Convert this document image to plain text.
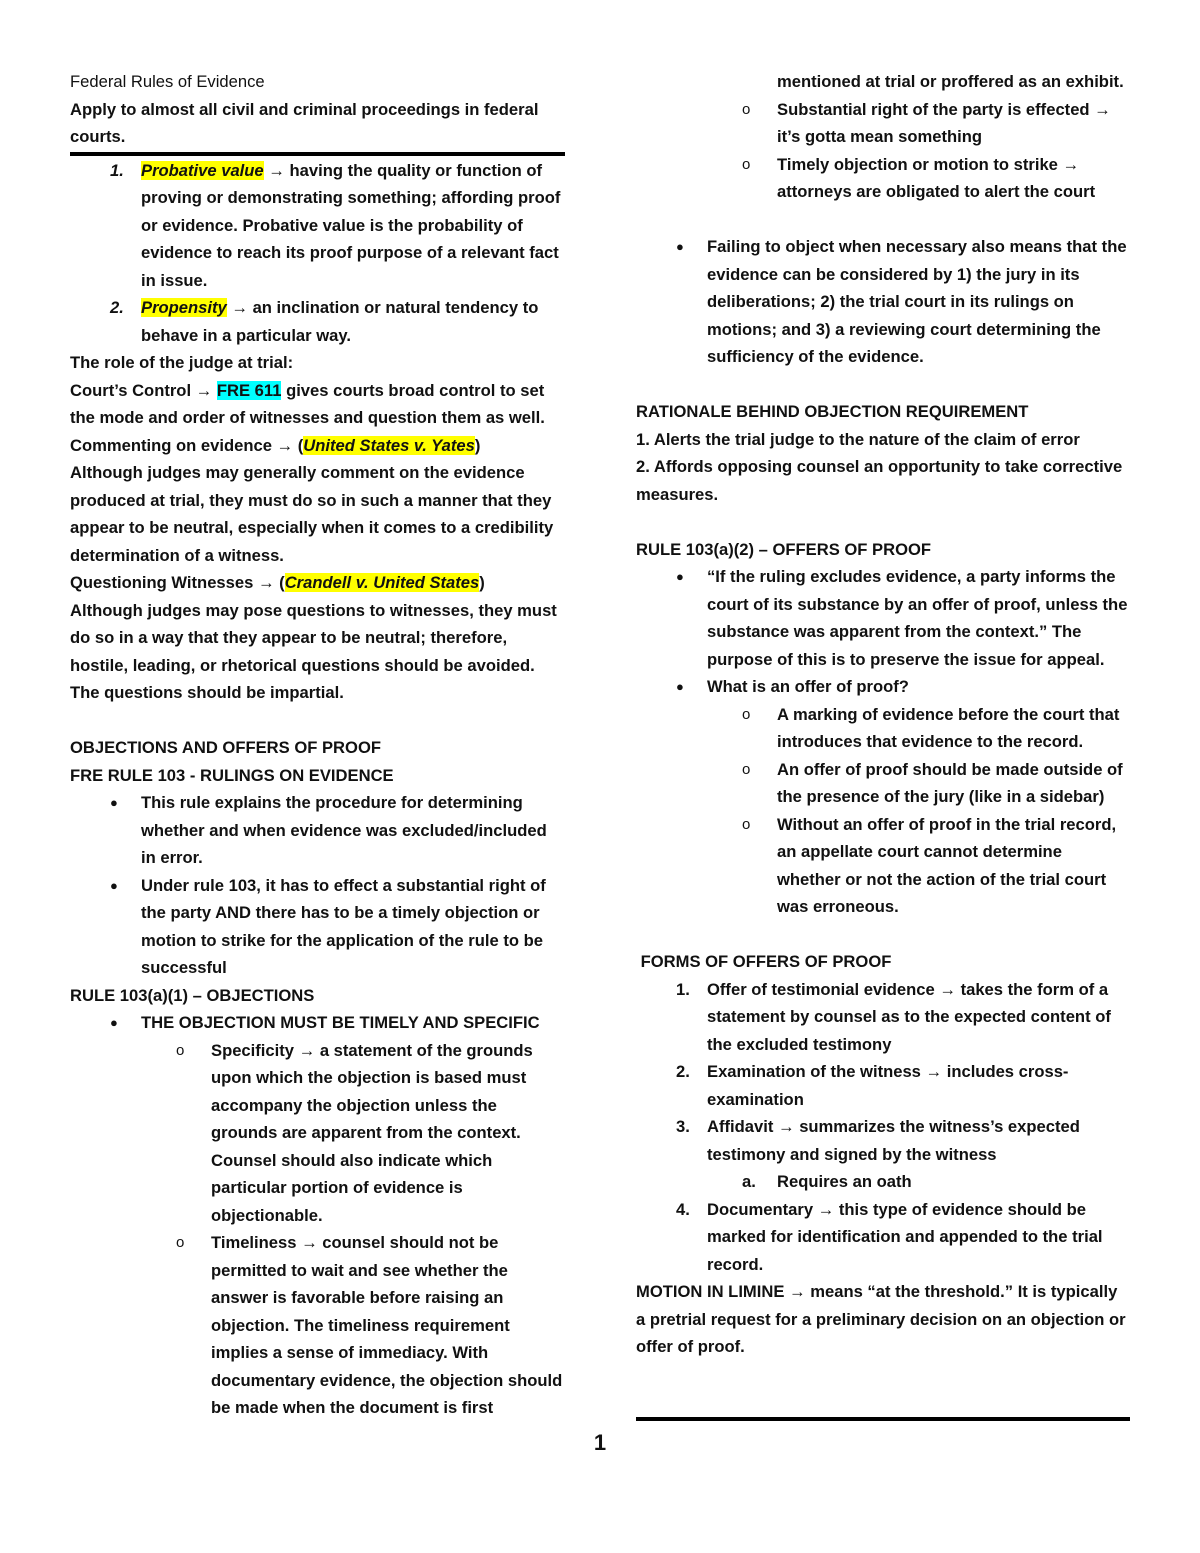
Federal Rules of Evidence
Apply to almost all civil and criminal proceedings in federal courts.
1.	Probative value → having the quality or function of proving or demonstrating something; affording proof or evidence. Probative value is the probability of evidence to reach its proof purpose of a relevant fact in issue.
2.	Propensity → an inclination or natural tendency to behave in a particular way.
The role of the judge at trial:
Court’s Control → FRE 611 gives courts broad control to set the mode and order of witnesses and question them as well.
Commenting on evidence → (United States v. Yates)
Although judges may generally comment on the evidence produced at trial, they must do so in such a manner that they appear to be neutral, especially when it comes to a credibility determination of a witness.
Questioning Witnesses → (Crandell v. United States)
Although judges may pose questions to witnesses, they must do so in a way that they appear to be neutral; therefore, hostile, leading, or rhetorical questions should be avoided. The questions should be impartial.
OBJECTIONS AND OFFERS OF PROOF
FRE RULE 103 - RULINGS ON EVIDENCE
●	This rule explains the procedure for determining whether and when evidence was excluded/included in error.
●	Under rule 103, it has to effect a substantial right of the party AND there has to be a timely objection or motion to strike for the application of the rule to be successful
RULE 103(a)(1) – OBJECTIONS
●	THE OBJECTION MUST BE TIMELY AND SPECIFIC
o	Specificity → a statement of the grounds upon which the objection is based must accompany the objection unless the grounds are apparent from the context. Counsel should also indicate which particular portion of evidence is objectionable.
o	Timeliness → counsel should not be permitted to wait and see whether the answer is favorable before raising an objection. The timeliness requirement implies a sense of immediacy. With documentary evidence, the objection should be made when the document is first
mentioned at trial or proffered as an exhibit.
o	Substantial right of the party is effected → it’s gotta mean something
o	Timely objection or motion to strike → attorneys are obligated to alert the court
●	Failing to object when necessary also means that the evidence can be considered by 1) the jury in its deliberations; 2) the trial court in its rulings on motions; and 3) a reviewing court determining the sufficiency of the evidence.
RATIONALE BEHIND OBJECTION REQUIREMENT
1. Alerts the trial judge to the nature of the claim of error
2. Affords opposing counsel an opportunity to take corrective measures.
RULE 103(a)(2) – OFFERS OF PROOF
●	“If the ruling excludes evidence, a party informs the court of its substance by an offer of proof, unless the substance was apparent from the context.” The purpose of this is to preserve the issue for appeal.
●	What is an offer of proof?
o	A marking of evidence before the court that introduces that evidence to the record.
o	An offer of proof should be made outside of the presence of the jury (like in a sidebar)
o	Without an offer of proof in the trial record, an appellate court cannot determine whether or not the action of the trial court was erroneous.
FORMS OF OFFERS OF PROOF
1.	Offer of testimonial evidence → takes the form of a statement by counsel as to the expected content of the excluded testimony
2.	Examination of the witness → includes cross-examination
3.	Affidavit → summarizes the witness’s expected testimony and signed by the witness
a.	Requires an oath
4.	Documentary → this type of evidence should be marked for identification and appended to the trial record.
MOTION IN LIMINE → means “at the threshold.” It is typically a pretrial request for a preliminary decision on an objection or offer of proof.
1
